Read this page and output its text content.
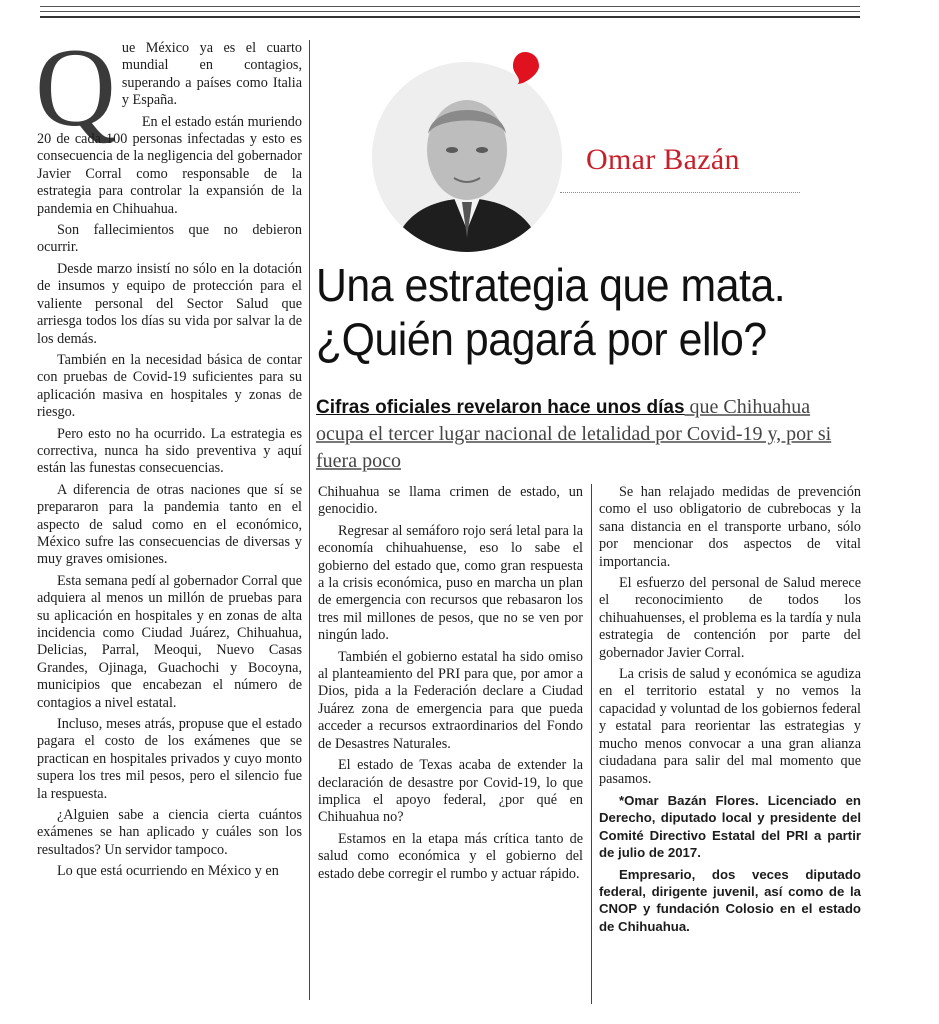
Que México ya es el cuarto mundial en contagios, superando a países como Italia y España.

En el estado están muriendo 20 de cada 100 personas infectadas y esto es consecuencia de la negligencia del gobernador Javier Corral como responsable de la estrategia para controlar la expansión de la pandemia en Chihuahua.

Son fallecimientos que no debieron ocurrir.

Desde marzo insistí no sólo en la dotación de insumos y equipo de protección para el valiente personal del Sector Salud que arriesga todos los días su vida por salvar la de los demás.

También en la necesidad básica de contar con pruebas de Covid-19 suficientes para su aplicación masiva en hospitales y zonas de riesgo.

Pero esto no ha ocurrido. La estrategia es correctiva, nunca ha sido preventiva y aquí están las funestas consecuencias.

A diferencia de otras naciones que sí se prepararon para la pandemia tanto en el aspecto de salud como en el económico, México sufre las consecuencias de diversas y muy graves omisiones.

Esta semana pedí al gobernador Corral que adquiera al menos un millón de pruebas para su aplicación en hospitales y en zonas de alta incidencia como Ciudad Juárez, Chihuahua, Delicias, Parral, Meoqui, Nuevo Casas Grandes, Ojinaga, Guachochi y Bocoyna, municipios que encabezan el número de contagios a nivel estatal.

Incluso, meses atrás, propuse que el estado pagara el costo de los exámenes que se practican en hospitales privados y cuyo monto supera los tres mil pesos, pero el silencio fue la respuesta.

¿Alguien sabe a ciencia cierta cuántos exámenes se han aplicado y cuáles son los resultados? Un servidor tampoco.

Lo que está ocurriendo en México y en

Omar Bazán
Una estrategia que mata.
¿Quién pagará por ello?
Cifras oficiales revelaron hace unos días que Chihuahua ocupa el tercer lugar nacional de letalidad por Covid-19 y, por si fuera poco

Chihuahua se llama crimen de estado, un genocidio.

Regresar al semáforo rojo será letal para la economía chihuahuense, eso lo sabe el gobierno del estado que, como gran respuesta a la crisis económica, puso en marcha un plan de emergencia con recursos que rebasaron los tres mil millones de pesos, que no se ven por ningún lado.

También el gobierno estatal ha sido omiso al planteamiento del PRI para que, por amor a Dios, pida a la Federación declare a Ciudad Juárez zona de emergencia para que pueda acceder a recursos extraordinarios del Fondo de Desastres Naturales.

El estado de Texas acaba de extender la declaración de desastre por Covid-19, lo que implica el apoyo federal, ¿por qué en Chihuahua no?

Estamos en la etapa más crítica tanto de salud como económica y el gobierno del estado debe corregir el rumbo y actuar rápido.

Se han relajado medidas de prevención como el uso obligatorio de cubrebocas y la sana distancia en el transporte urbano, sólo por mencionar dos aspectos de vital importancia.

El esfuerzo del personal de Salud merece el reconocimiento de todos los chihuahuenses, el problema es la tardía y nula estrategia de contención por parte del gobernador Javier Corral.

La crisis de salud y económica se agudiza en el territorio estatal y no vemos la capacidad y voluntad de los gobiernos federal y estatal para reorientar las estrategias y mucho menos convocar a una gran alianza ciudadana para salir del mal momento que pasamos.

*Omar Bazán Flores. Licenciado en Derecho, diputado local y presidente del Comité Directivo Estatal del PRI a partir de julio de 2017.

Empresario, dos veces diputado federal, dirigente juvenil, así como de la CNOP y fundación Colosio en el estado de Chihuahua.
